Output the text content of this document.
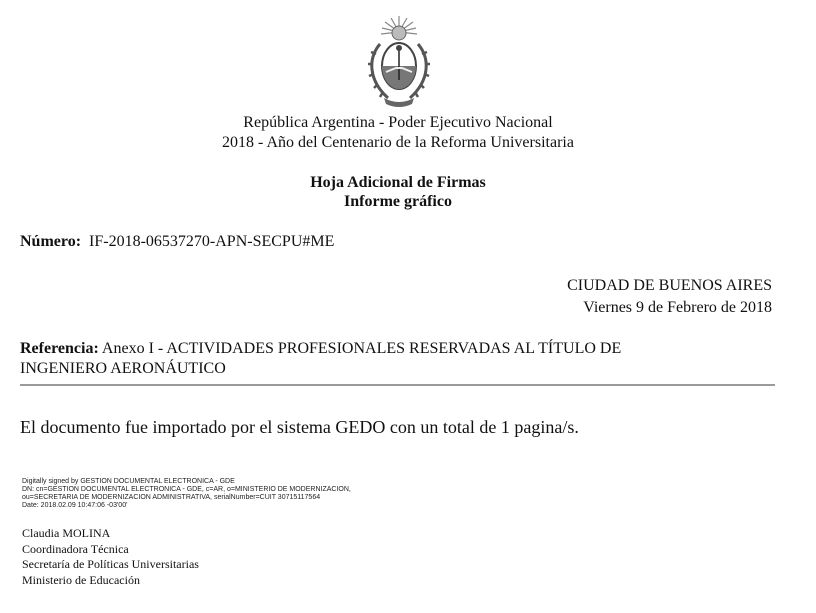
República Argentina - Poder Ejecutivo Nacional
2018 - Año del Centenario de la Reforma Universitaria
Hoja Adicional de Firmas
Informe gráfico
Número: IF-2018-06537270-APN-SECPU#ME
CIUDAD DE BUENOS AIRES
Viernes 9 de Febrero de 2018
Referencia: Anexo I - ACTIVIDADES PROFESIONALES RESERVADAS AL TÍTULO DE
INGENIERO AERONÁUTICO
El documento fue importado por el sistema GEDO con un total de 1 pagina/s.
Digitally signed by GESTION DOCUMENTAL ELECTRONICA - GDE
DN: cn=GESTION DOCUMENTAL ELECTRONICA - GDE, c=AR, o=MINISTERIO DE MODERNIZACION,
ou=SECRETARIA DE MODERNIZACION ADMINISTRATIVA, serialNumber=CUIT 30715117564
Date: 2018.02.09 10:47:06 -03'00'
Claudia MOLINA
Coordinadora Técnica
Secretaría de Políticas Universitarias
Ministerio de Educación
